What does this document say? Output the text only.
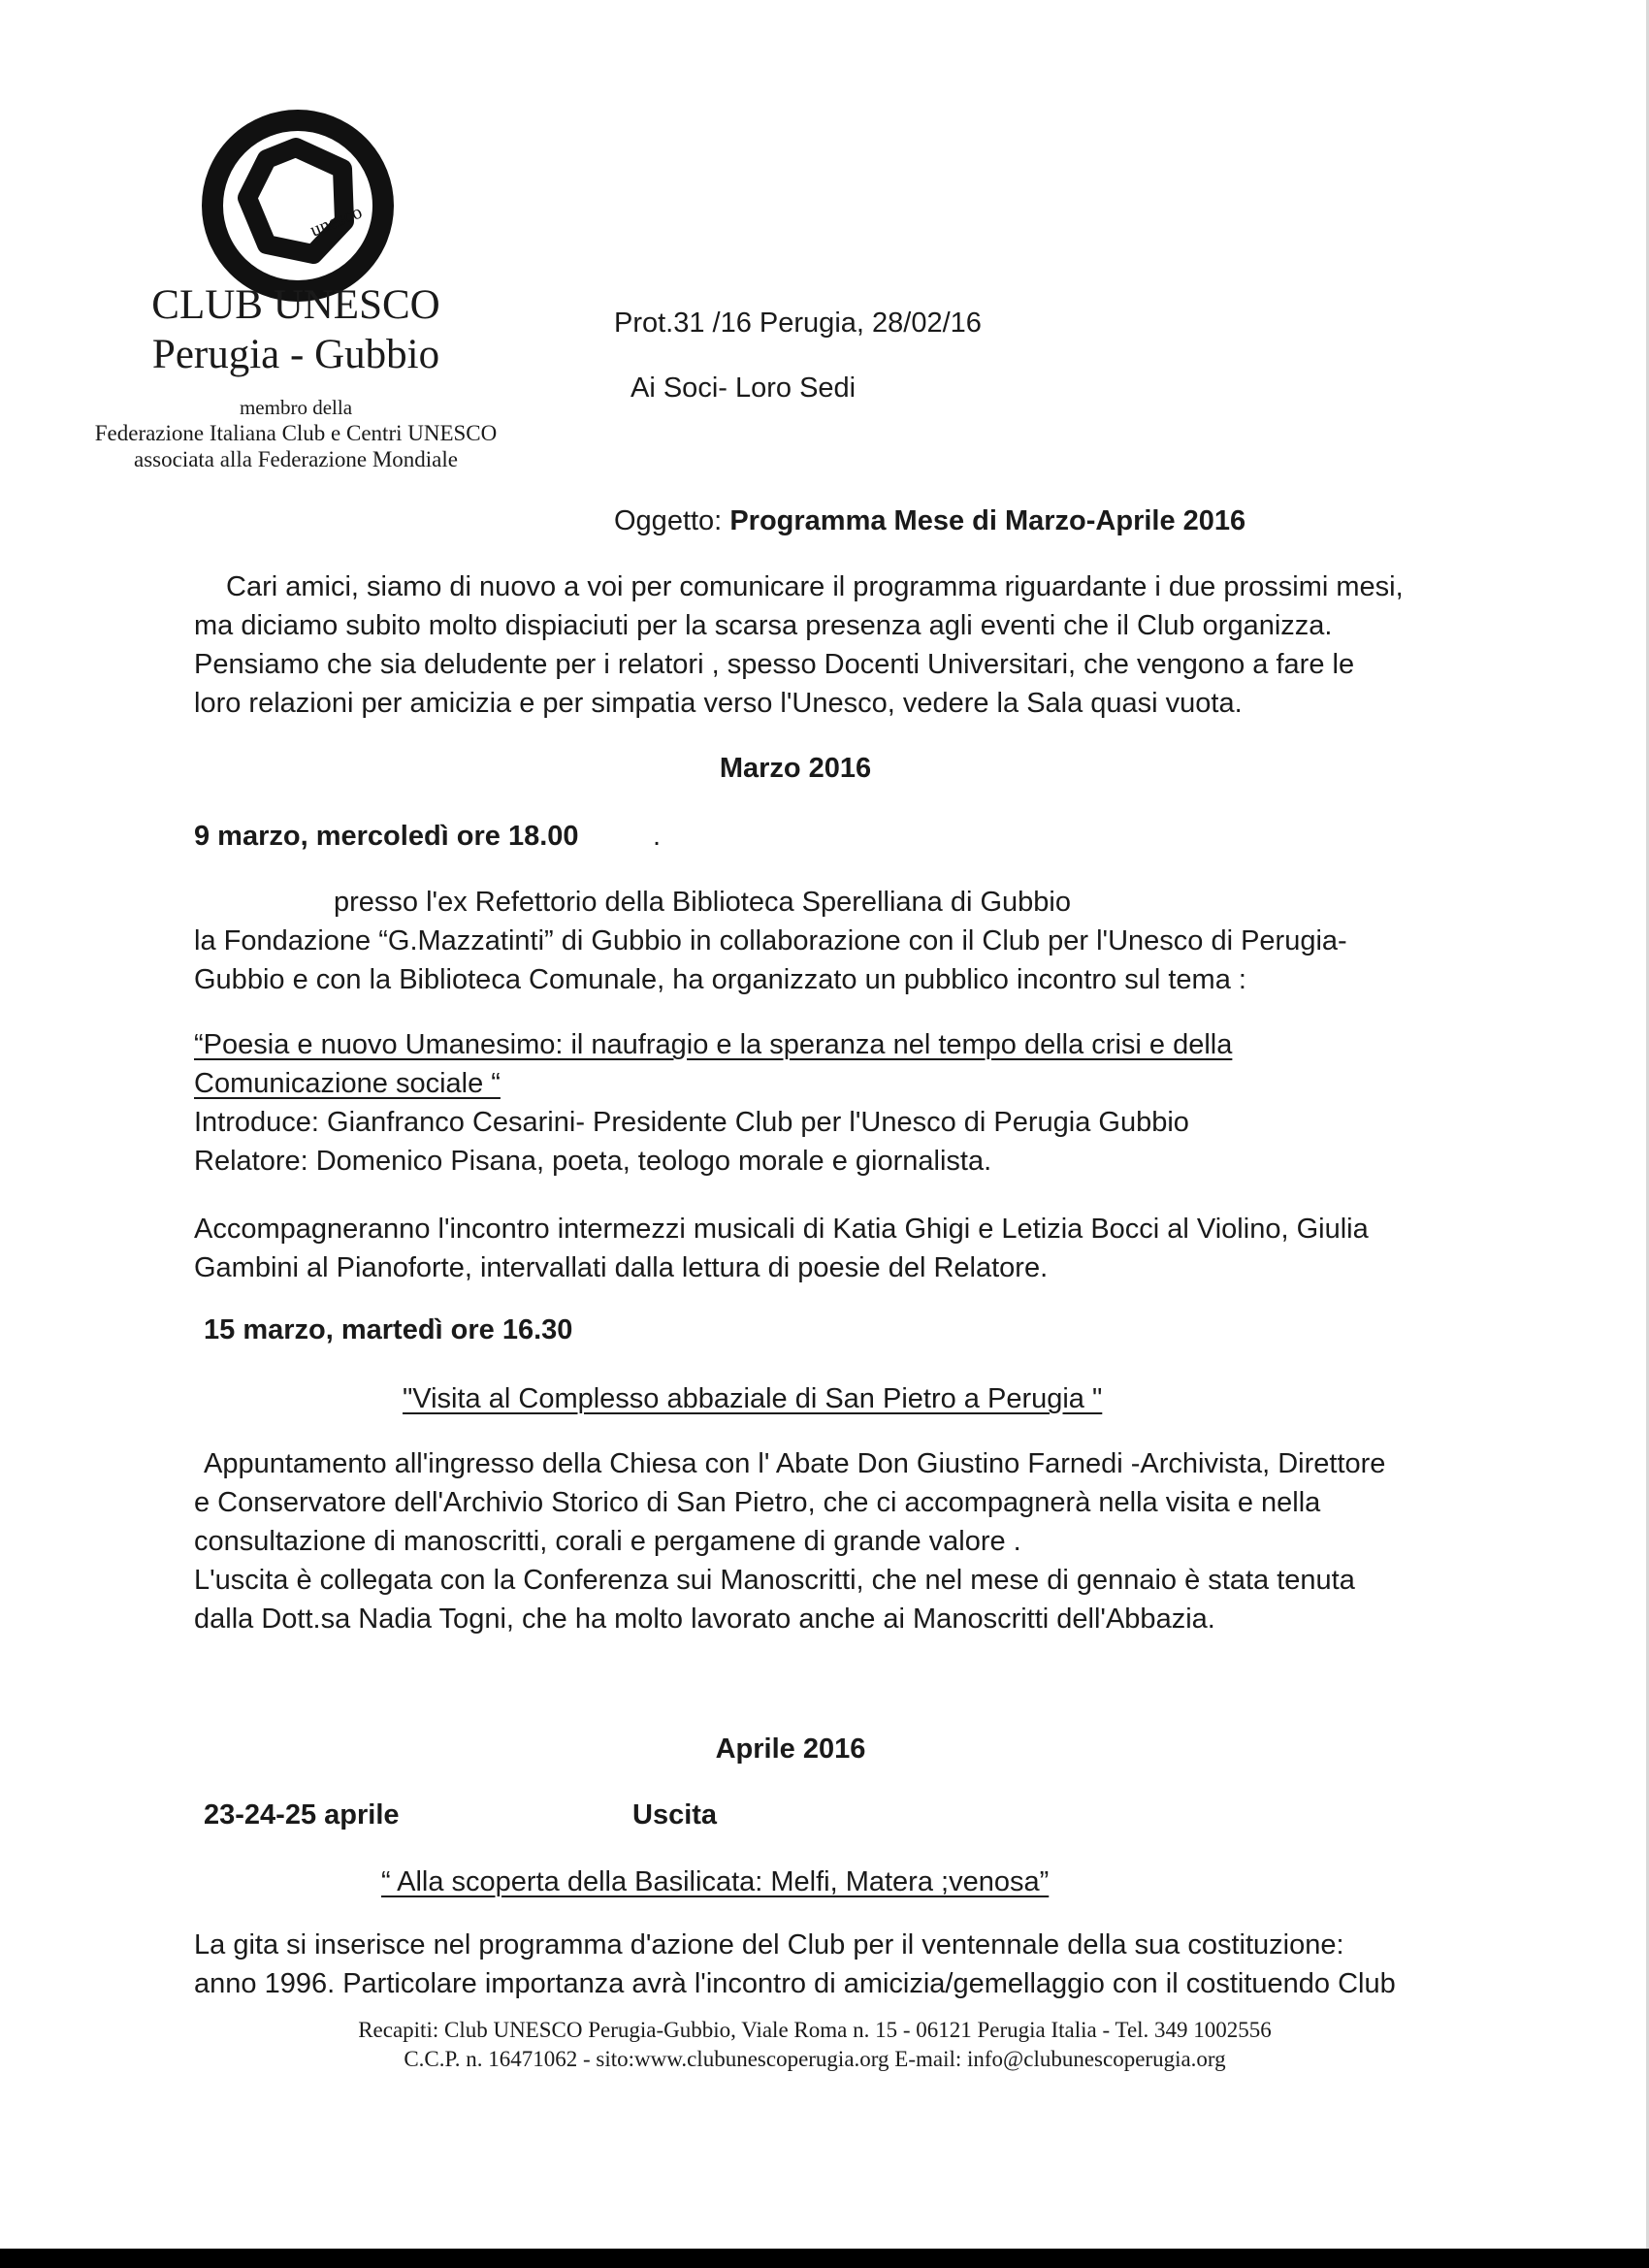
unesco
CLUB UNESCO
Perugia - Gubbio
membro della
Federazione Italiana Club e Centri UNESCO
associata alla Federazione Mondiale
Prot.31 /16 Perugia, 28/02/16
Ai Soci- Loro Sedi
Oggetto: Programma Mese di Marzo-Aprile 2016
Cari amici, siamo di nuovo a voi per comunicare il programma riguardante i due prossimi mesi,
ma diciamo subito molto dispiaciuti per la scarsa presenza agli eventi che il Club organizza.
Pensiamo che sia deludente per i relatori , spesso Docenti Universitari, che vengono a fare le
loro relazioni per amicizia e per simpatia verso l'Unesco, vedere la Sala quasi vuota.
Marzo 2016
9 marzo, mercoledì ore 18.00	.
presso l'ex Refettorio della Biblioteca Sperelliana di Gubbio
la Fondazione “G.Mazzatinti” di Gubbio in collaborazione con il Club per l'Unesco di Perugia-
Gubbio e con la Biblioteca Comunale, ha organizzato un pubblico incontro sul tema :
“Poesia e nuovo Umanesimo: il naufragio e la speranza nel tempo della crisi e della
Comunicazione sociale “
Introduce: Gianfranco Cesarini- Presidente Club per l'Unesco di Perugia Gubbio
Relatore: Domenico Pisana, poeta, teologo morale e giornalista.
Accompagneranno l'incontro intermezzi musicali di Katia Ghigi e Letizia Bocci al Violino, Giulia
Gambini al Pianoforte, intervallati dalla lettura di poesie del Relatore.
15 marzo, martedì ore 16.30
"Visita al Complesso abbaziale di San Pietro a Perugia "
Appuntamento all'ingresso della Chiesa con l' Abate Don Giustino Farnedi -Archivista, Direttore
e Conservatore dell'Archivio Storico di San Pietro, che ci accompagnerà nella visita e nella
consultazione di manoscritti, corali e pergamene di grande valore .
L'uscita è collegata con la Conferenza sui Manoscritti, che nel mese di gennaio è stata tenuta
dalla Dott.sa Nadia Togni, che ha molto lavorato anche ai Manoscritti dell'Abbazia.
Aprile 2016
23-24-25 aprile	Uscita
“ Alla scoperta della Basilicata: Melfi, Matera ;venosa”
La gita si inserisce nel programma d'azione del Club per il ventennale della sua costituzione:
anno 1996. Particolare importanza avrà l'incontro di amicizia/gemellaggio con il costituendo Club
Recapiti: Club UNESCO Perugia-Gubbio, Viale Roma n. 15 - 06121 Perugia Italia - Tel. 349 1002556
C.C.P. n. 16471062 - sito:www.clubunescoperugia.org E-mail: info@clubunescoperugia.org
